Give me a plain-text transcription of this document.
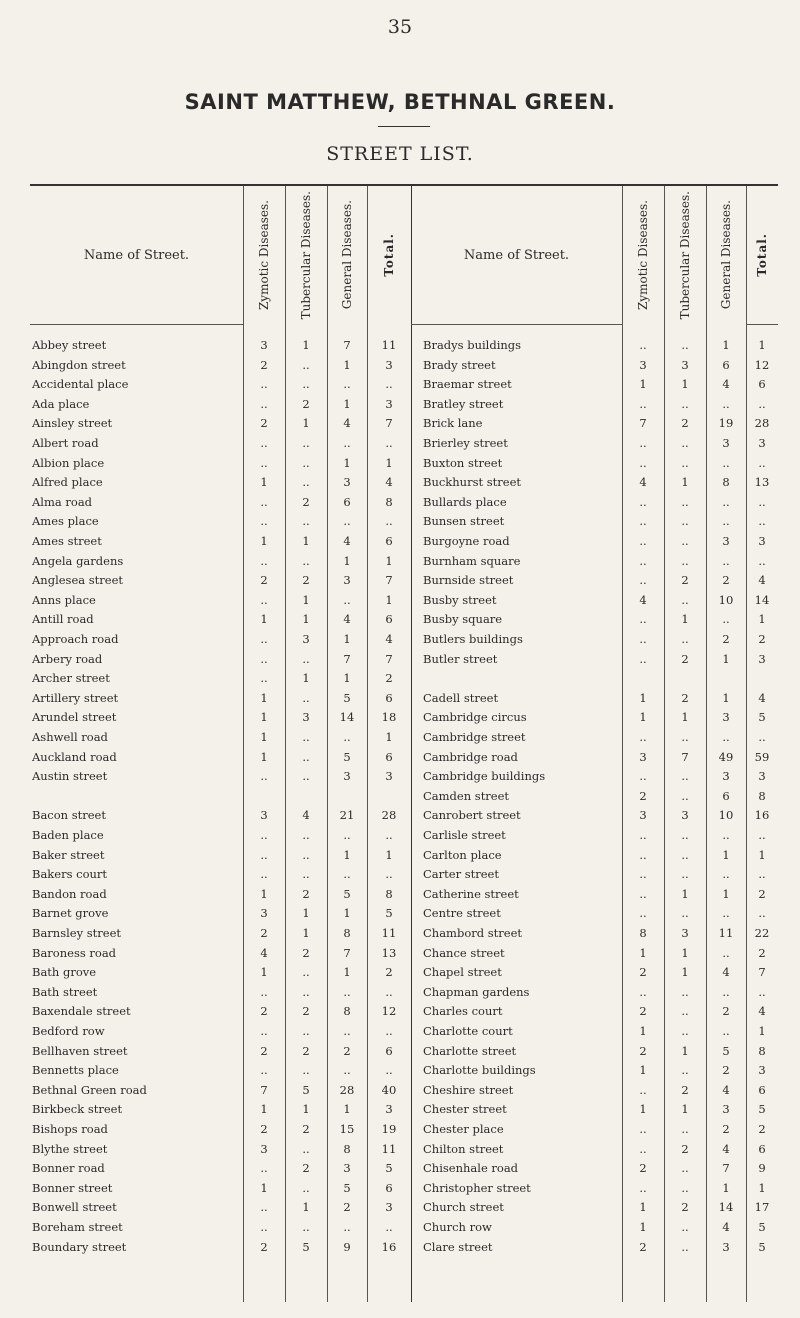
35
SAINT MATTHEW, BETHNAL GREEN.
STREET LIST.
Name of Street.	Zymotic Diseases. Tubercular Diseases. General Diseases. Total.	Name of Street.	Zymotic Diseases. Tubercular Diseases. General Diseases. Total.
Abbey street	3	1	7	11
Abingdon street	2	..	1	3
Accidental place	..	..	..	..
Ada place	..	2	1	3
Ainsley street	2	1	4	7
Albert road	..	..	..	..
Albion place	..	..	1	1
Alfred place	1	..	3	4
Alma road	..	2	6	8
Ames place	..	..	..	..
Ames street	1	1	4	6
Angela gardens	..	..	1	1
Anglesea street	2	2	3	7
Anns place	..	1	..	1
Antill road	1	1	4	6
Approach road	..	3	1	4
Arbery road	..	..	7	7
Archer street	..	1	1	2
Artillery street	1	..	5	6
Arundel street	1	3	14	18
Ashwell road	1	..	..	1
Auckland road	1	..	5	6
Austin street	..	..	3	3
Bacon street	3	4	21	28
Baden place	..	..	..	..
Baker street	..	..	1	1
Bakers court	..	..	..	..
Bandon road	1	2	5	8
Barnet grove	3	1	1	5
Barnsley street	2	1	8	11
Baroness road	4	2	7	13
Bath grove	1	..	1	2
Bath street	..	..	..	..
Baxendale street	2	2	8	12
Bedford row	..	..	..	..
Bellhaven street	2	2	2	6
Bennetts place	..	..	..	..
Bethnal Green road	7	5	28	40
Birkbeck street	1	1	1	3
Bishops road	2	2	15	19
Blythe street	3	..	8	11
Bonner road	..	2	3	5
Bonner street	1	..	5	6
Bonwell street	..	1	2	3
Boreham street	..	..	..	..
Boundary street	2	5	9	16
Bradys buildings	..	..	1	1
Brady street	3	3	6	12
Braemar street	1	1	4	6
Bratley street	..	..	..	..
Brick lane	7	2	19	28
Brierley street	..	..	3	3
Buxton street	..	..	..	..
Buckhurst street	4	1	8	13
Bullards place	..	..	..	..
Bunsen street	..	..	..	..
Burgoyne road	..	..	3	3
Burnham square	..	..	..	..
Burnside street	..	2	2	4
Busby street	4	..	10	14
Busby square	..	1	..	1
Butlers buildings	..	..	2	2
Butler street	..	2	1	3
Cadell street	1	2	1	4
Cambridge circus	1	1	3	5
Cambridge street	..	..	..	..
Cambridge road	3	7	49	59
Cambridge buildings	..	..	3	3
Camden street	2	..	6	8
Canrobert street	3	3	10	16
Carlisle street	..	..	..	..
Carlton place	..	..	1	1
Carter street	..	..	..	..
Catherine street	..	1	1	2
Centre street	..	..	..	..
Chambord street	8	3	11	22
Chance street	1	1	..	2
Chapel street	2	1	4	7
Chapman gardens	..	..	..	..
Charles court	2	..	2	4
Charlotte court	1	..	..	1
Charlotte street	2	1	5	8
Charlotte buildings	1	..	2	3
Cheshire street	..	2	4	6
Chester street	1	1	3	5
Chester place	..	..	2	2
Chilton street	..	2	4	6
Chisenhale road	2	..	7	9
Christopher street	..	..	1	1
Church street	1	2	14	17
Church row	1	..	4	5
Clare street	2	..	3	5
